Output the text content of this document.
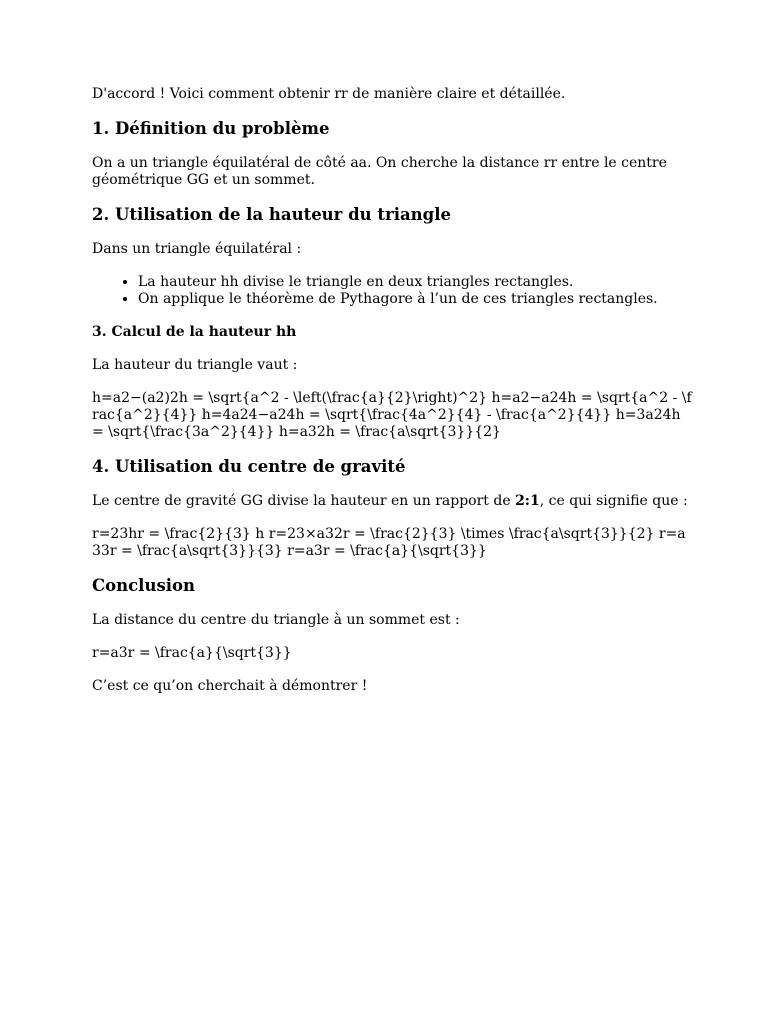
D'accord ! Voici comment obtenir rr de manière claire et détaillée.

1. Définition du problème

On a un triangle équilatéral de côté aa. On cherche la distance rr entre le centre géométrique GG et un sommet.

2. Utilisation de la hauteur du triangle

Dans un triangle équilatéral :

• La hauteur hh divise le triangle en deux triangles rectangles.
• On applique le théorème de Pythagore à l’un de ces triangles rectangles.
3. Calcul de la hauteur hh

La hauteur du triangle vaut :

h=a2−(a2)2h = \sqrt{a^2 - \left(\frac{a}{2}\right)^2} h=a2−a24h = \sqrt{a^2 - \frac{a^2}{4}} h=4a24−a24h = \sqrt{\frac{4a^2}{4} - \frac{a^2}{4}} h=3a24h = \sqrt{\frac{3a^2}{4}} h=a32h = \frac{a\sqrt{3}}{2}

4. Utilisation du centre de gravité

Le centre de gravité GG divise la hauteur en un rapport de 2:1, ce qui signifie que :

r=23hr = \frac{2}{3} h r=23×a32r = \frac{2}{3} \times \frac{a\sqrt{3}}{2} r=a33r = \frac{a\sqrt{3}}{3} r=a3r = \frac{a}{\sqrt{3}}

Conclusion

La distance du centre du triangle à un sommet est :

r=a3r = \frac{a}{\sqrt{3}}

C’est ce qu’on cherchait à démontrer !
